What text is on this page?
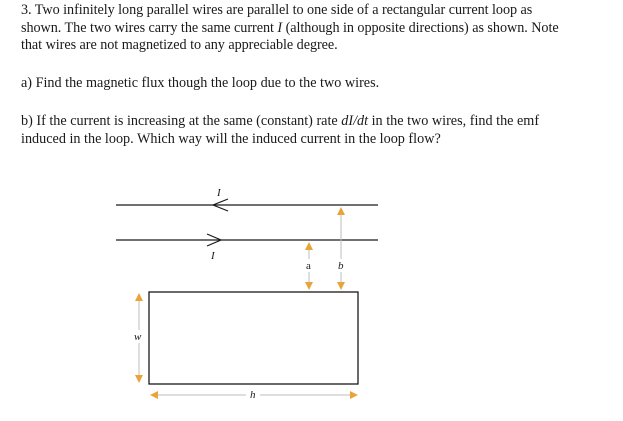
3. Two infinitely long parallel wires are parallel to one side of a rectangular current loop as

shown. The two wires carry the same current I (although in opposite directions) as shown. Note

that wires are not magnetized to any appreciable degree.

a) Find the magnetic flux though the loop due to the two wires.

b) If the current is increasing at the same (constant) rate dI/dt in the two wires, find the emf

induced in the loop. Which way will the induced current in the loop flow?

I
I
a b
w
h
